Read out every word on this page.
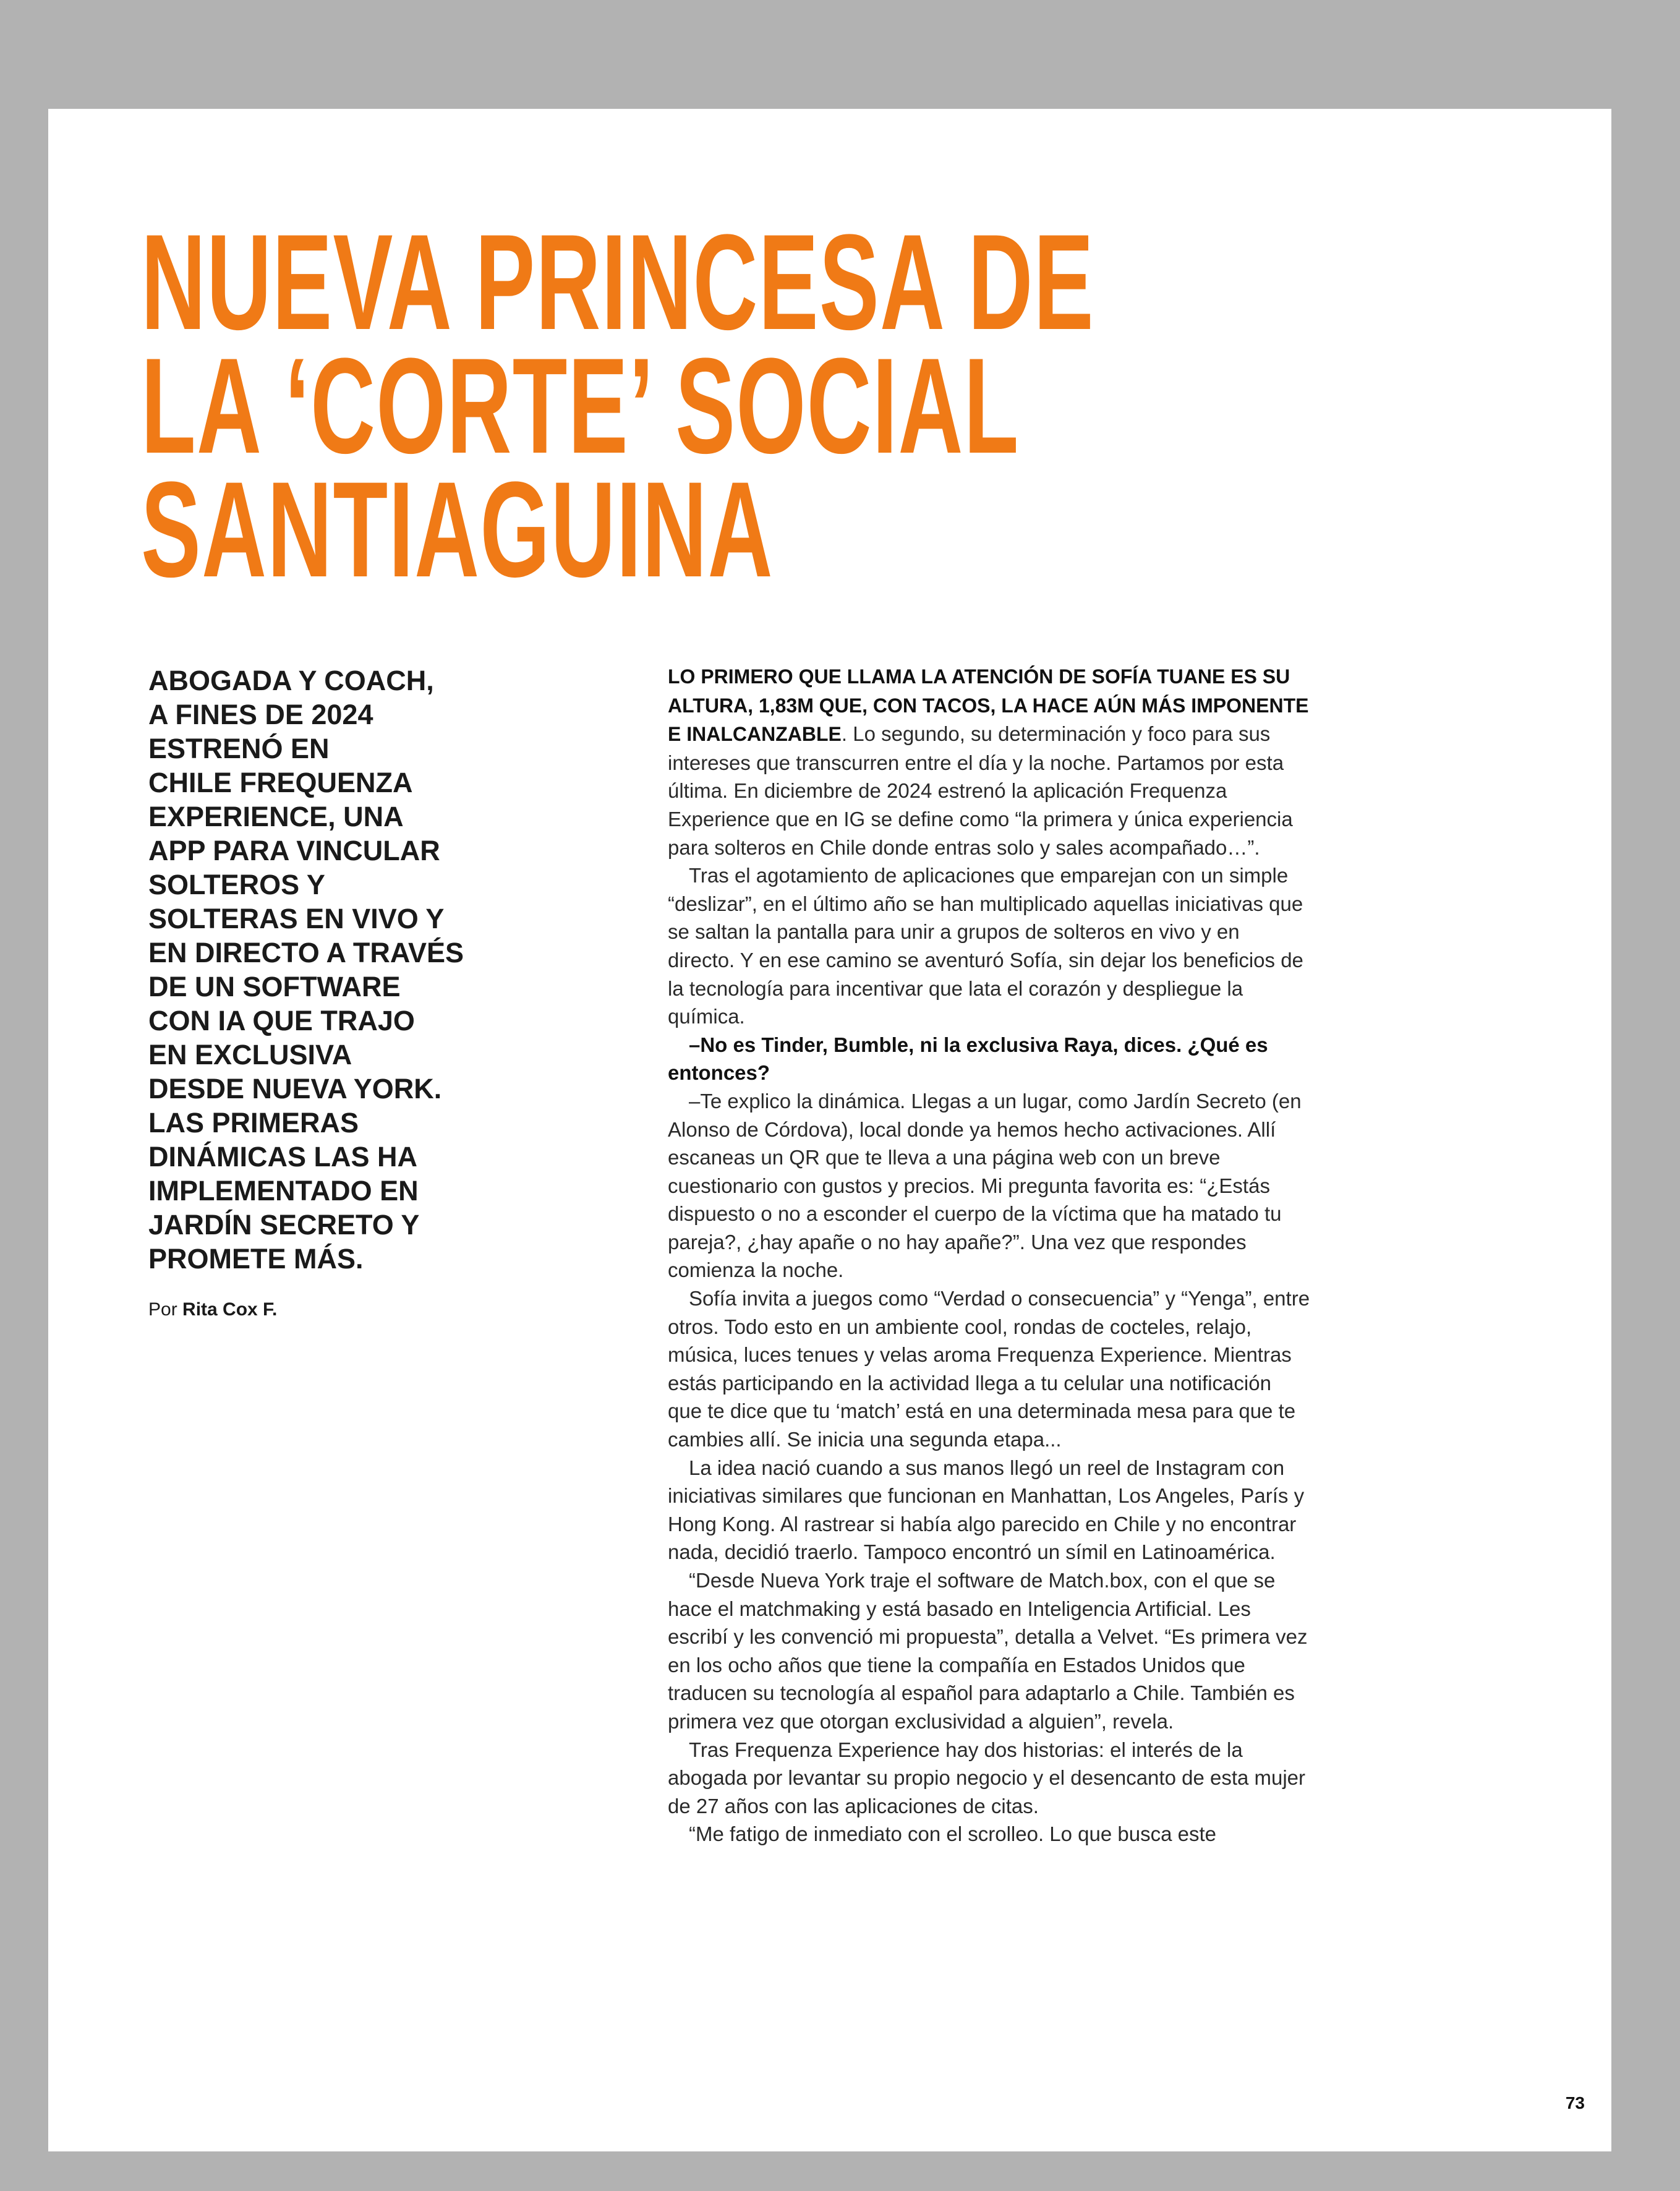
NUEVA PRINCESA DE
LA ‘CORTE’ SOCIAL
SANTIAGUINA
ABOGADA Y COACH,
A FINES DE 2024
ESTRENÓ EN
CHILE FREQUENZA
EXPERIENCE, UNA
APP PARA VINCULAR
SOLTEROS Y
SOLTERAS EN VIVO Y
EN DIRECTO A TRAVÉS
DE UN SOFTWARE
CON IA QUE TRAJO
EN EXCLUSIVA
DESDE NUEVA YORK.
LAS PRIMERAS
DINÁMICAS LAS HA
IMPLEMENTADO EN
JARDÍN SECRETO Y
PROMETE MÁS.

Por Rita Cox F.

LO PRIMERO QUE LLAMA LA ATENCIÓN DE SOFÍA TUANE ES SU ALTURA, 1,83M QUE, CON TACOS, LA HACE AÚN MÁS IMPONENTE E INALCANZABLE. Lo segundo, su determinación y foco para sus intereses que transcurren entre el día y la noche. Partamos por esta última. En diciembre de 2024 estrenó la aplicación Frequenza Experience que en IG se define como “la primera y única experiencia para solteros en Chile donde entras solo y sales acompañado…”.

Tras el agotamiento de aplicaciones que emparejan con un simple “deslizar”, en el último año se han multiplicado aquellas iniciativas que se saltan la pantalla para unir a grupos de solteros en vivo y en directo. Y en ese camino se aventuró Sofía, sin dejar los beneficios de la tecnología para incentivar que lata el corazón y despliegue la química.

–No es Tinder, Bumble, ni la exclusiva Raya, dices. ¿Qué es entonces?

–Te explico la dinámica. Llegas a un lugar, como Jardín Secreto (en Alonso de Córdova), local donde ya hemos hecho activaciones. Allí escaneas un QR que te lleva a una página web con un breve cuestionario con gustos y precios. Mi pregunta favorita es: “¿Estás dispuesto o no a esconder el cuerpo de la víctima que ha matado tu pareja?, ¿hay apañe o no hay apañe?”. Una vez que respondes comienza la noche.

Sofía invita a juegos como “Verdad o consecuencia” y “Yenga”, entre otros. Todo esto en un ambiente cool, rondas de cocteles, relajo, música, luces tenues y velas aroma Frequenza Experience. Mientras estás participando en la actividad llega a tu celular una notificación que te dice que tu ‘match’ está en una determinada mesa para que te cambies allí. Se inicia una segunda etapa...

La idea nació cuando a sus manos llegó un reel de Instagram con iniciativas similares que funcionan en Manhattan, Los Angeles, París y Hong Kong. Al rastrear si había algo parecido en Chile y no encontrar nada, decidió traerlo. Tampoco encontró un símil en Latinoamérica.

“Desde Nueva York traje el software de Match.box, con el que se hace el matchmaking y está basado en Inteligencia Artificial. Les escribí y les convenció mi propuesta”, detalla a Velvet. “Es primera vez en los ocho años que tiene la compañía en Estados Unidos que traducen su tecnología al español para adaptarlo a Chile. También es primera vez que otorgan exclusividad a alguien”, revela.

Tras Frequenza Experience hay dos historias: el interés de la abogada por levantar su propio negocio y el desencanto de esta mujer de 27 años con las aplicaciones de citas.

“Me fatigo de inmediato con el scrolleo. Lo que busca este

73
